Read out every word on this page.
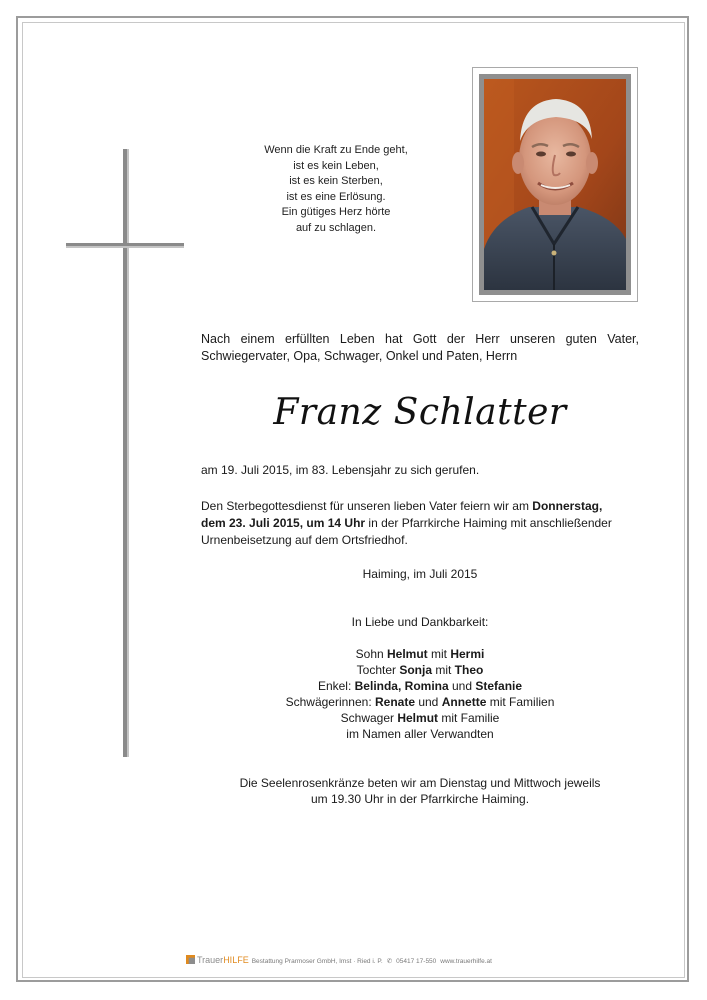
Wenn die Kraft zu Ende geht,
ist es kein Leben,
ist es kein Sterben,
ist es eine Erlösung.
Ein gütiges Herz hörte
auf zu schlagen.
Nach einem erfüllten Leben hat Gott der Herr unseren guten Vater, Schwiegervater, Opa, Schwager, Onkel und Paten, Herrn
Franz Schlatter
am 19. Juli 2015, im 83. Lebensjahr zu sich gerufen.
Den Sterbegottesdienst für unseren lieben Vater feiern wir am Donnerstag,
dem 23. Juli 2015, um 14 Uhr in der Pfarrkirche Haiming mit anschließender
Urnenbeisetzung auf dem Ortsfriedhof.
Haiming, im Juli 2015
In Liebe und Dankbarkeit:
Sohn Helmut mit Hermi
Tochter Sonja mit Theo
Enkel: Belinda, Romina und Stefanie
Schwägerinnen: Renate und Annette mit Familien
Schwager Helmut mit Familie
im Namen aller Verwandten
Die Seelenrosenkränze beten wir am Dienstag und Mittwoch jeweils
um 19.30 Uhr in der Pfarrkirche Haiming.
TrauerHILFE Bestattung Prarmoser GmbH, Imst · Ried i. P. ✆ 05417 17-550 www.trauerhilfe.at
